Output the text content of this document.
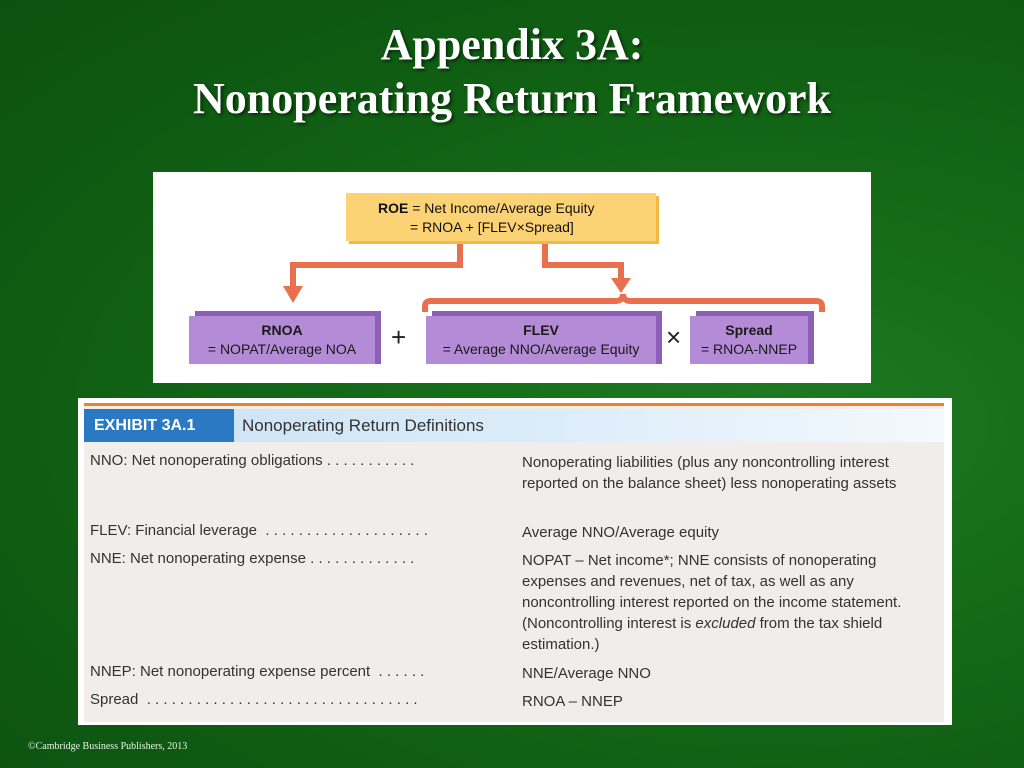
Appendix 3A:
Nonoperating Return Framework
ROE = Net Income/Average Equity
= RNOA + [FLEV×Spread]
RNOA
= NOPAT/Average NOA	+	FLEV
= Average NNO/Average Equity	×	Spread
= RNOA-NNEP
EXHIBIT 3A.1	Nonoperating Return Definitions
NNO: Net nonoperating obligations . . . . . . . . . . .	Nonoperating liabilities (plus any noncontrolling interest reported on the balance sheet) less nonoperating assets
FLEV: Financial leverage  . . . . . . . . . . . . . . . . . . . .	Average NNO/Average equity
NNE: Net nonoperating expense . . . . . . . . . . . . .	NOPAT – Net income*; NNE consists of nonoperating expenses and revenues, net of tax, as well as any noncontrolling interest reported on the income statement. (Noncontrolling interest is excluded from the tax shield estimation.)
NNEP: Net nonoperating expense percent  . . . . . .	NNE/Average NNO
Spread  . . . . . . . . . . . . . . . . . . . . . . . . . . . . . . . . .	RNOA – NNEP
©Cambridge Business Publishers, 2013
